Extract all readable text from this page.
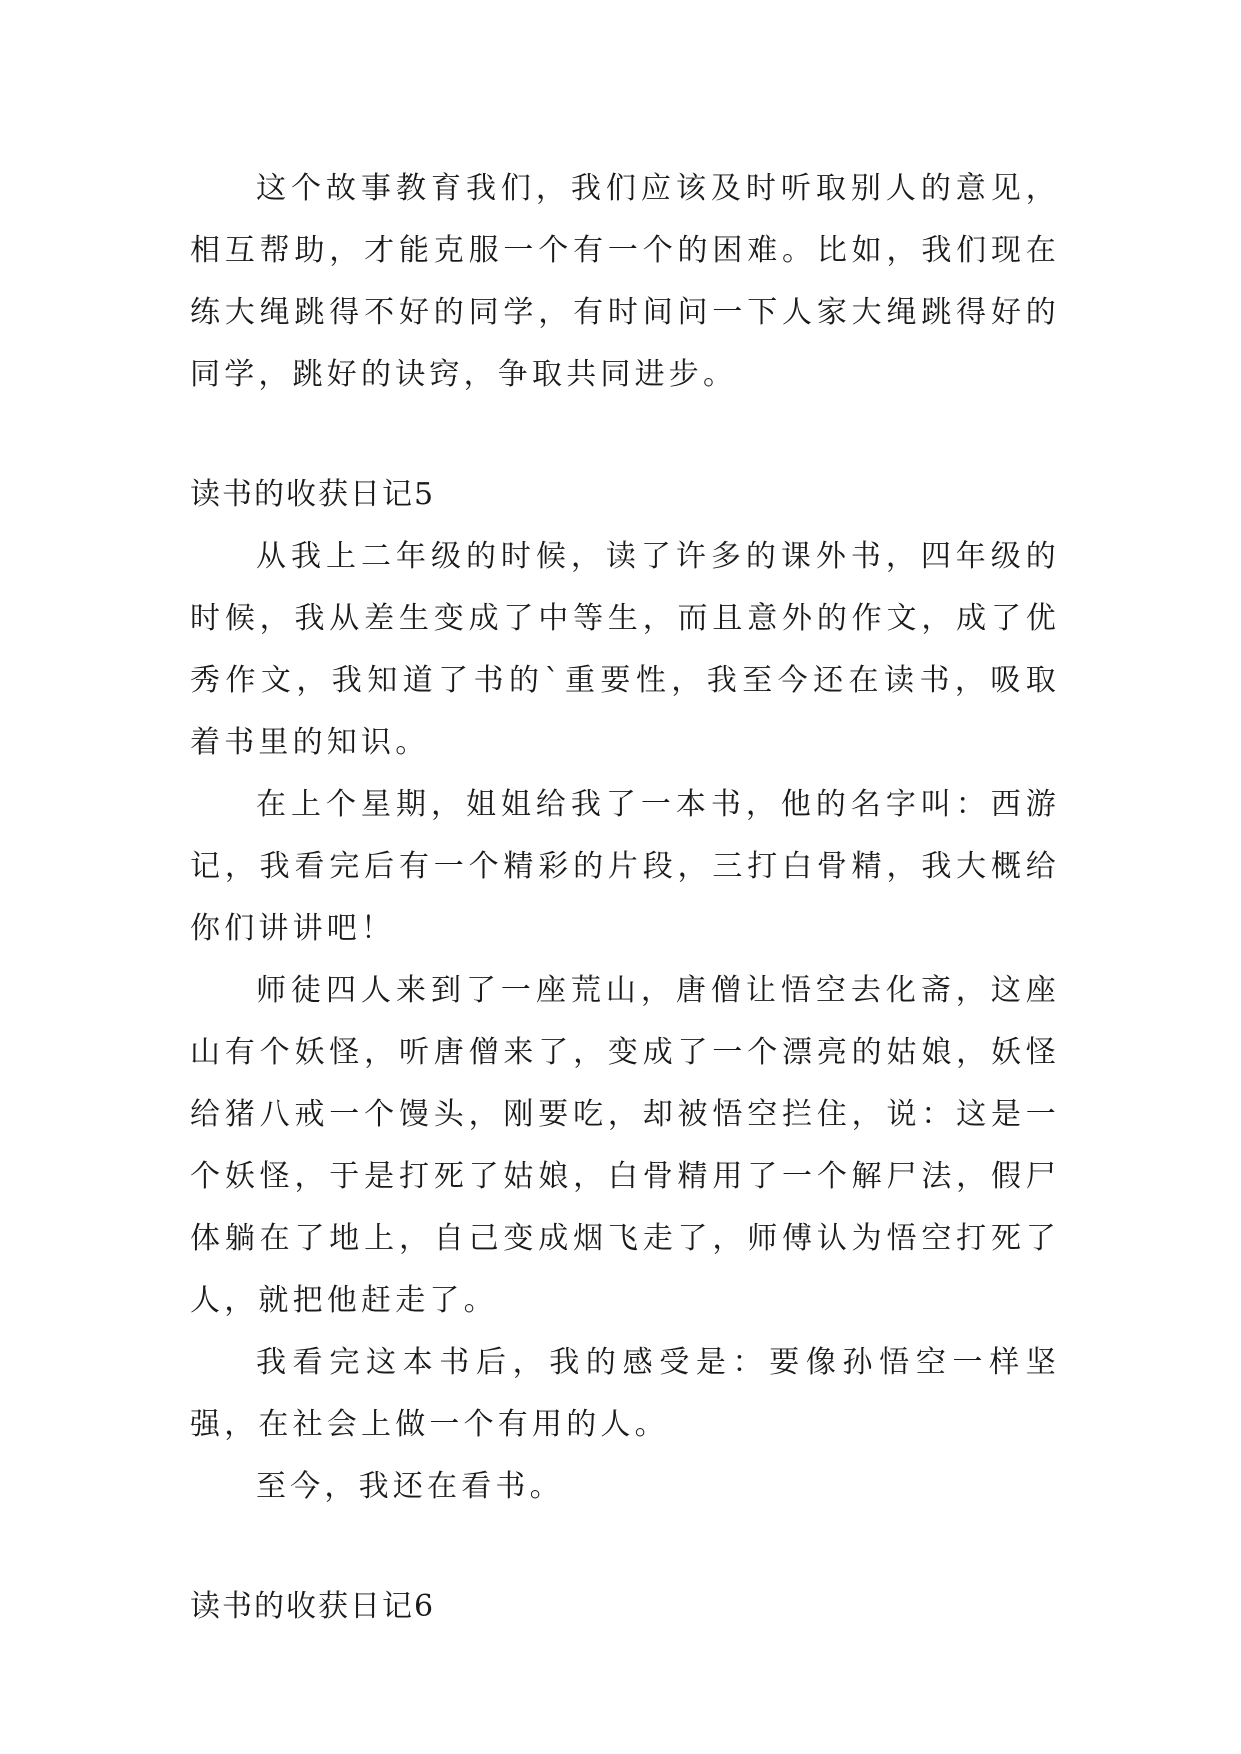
这个故事教育我们，我们应该及时听取别人的意见，相互帮助，才能克服一个有一个的困难。比如，我们现在练大绳跳得不好的同学，有时间问一下人家大绳跳得好的同学，跳好的诀窍，争取共同进步。

读书的收获日记5

从我上二年级的时候，读了许多的课外书，四年级的时候，我从差生变成了中等生，而且意外的作文，成了优秀作文，我知道了书的`重要性，我至今还在读书，吸取着书里的知识。

在上个星期，姐姐给我了一本书，他的名字叫：西游记，我看完后有一个精彩的片段，三打白骨精，我大概给你们讲讲吧！

师徒四人来到了一座荒山，唐僧让悟空去化斋，这座山有个妖怪，听唐僧来了，变成了一个漂亮的姑娘，妖怪给猪八戒一个馒头，刚要吃，却被悟空拦住，说：这是一个妖怪，于是打死了姑娘，白骨精用了一个解尸法，假尸体躺在了地上，自己变成烟飞走了，师傅认为悟空打死了人，就把他赶走了。

我看完这本书后，我的感受是：要像孙悟空一样坚强，在社会上做一个有用的人。

至今，我还在看书。

读书的收获日记6
